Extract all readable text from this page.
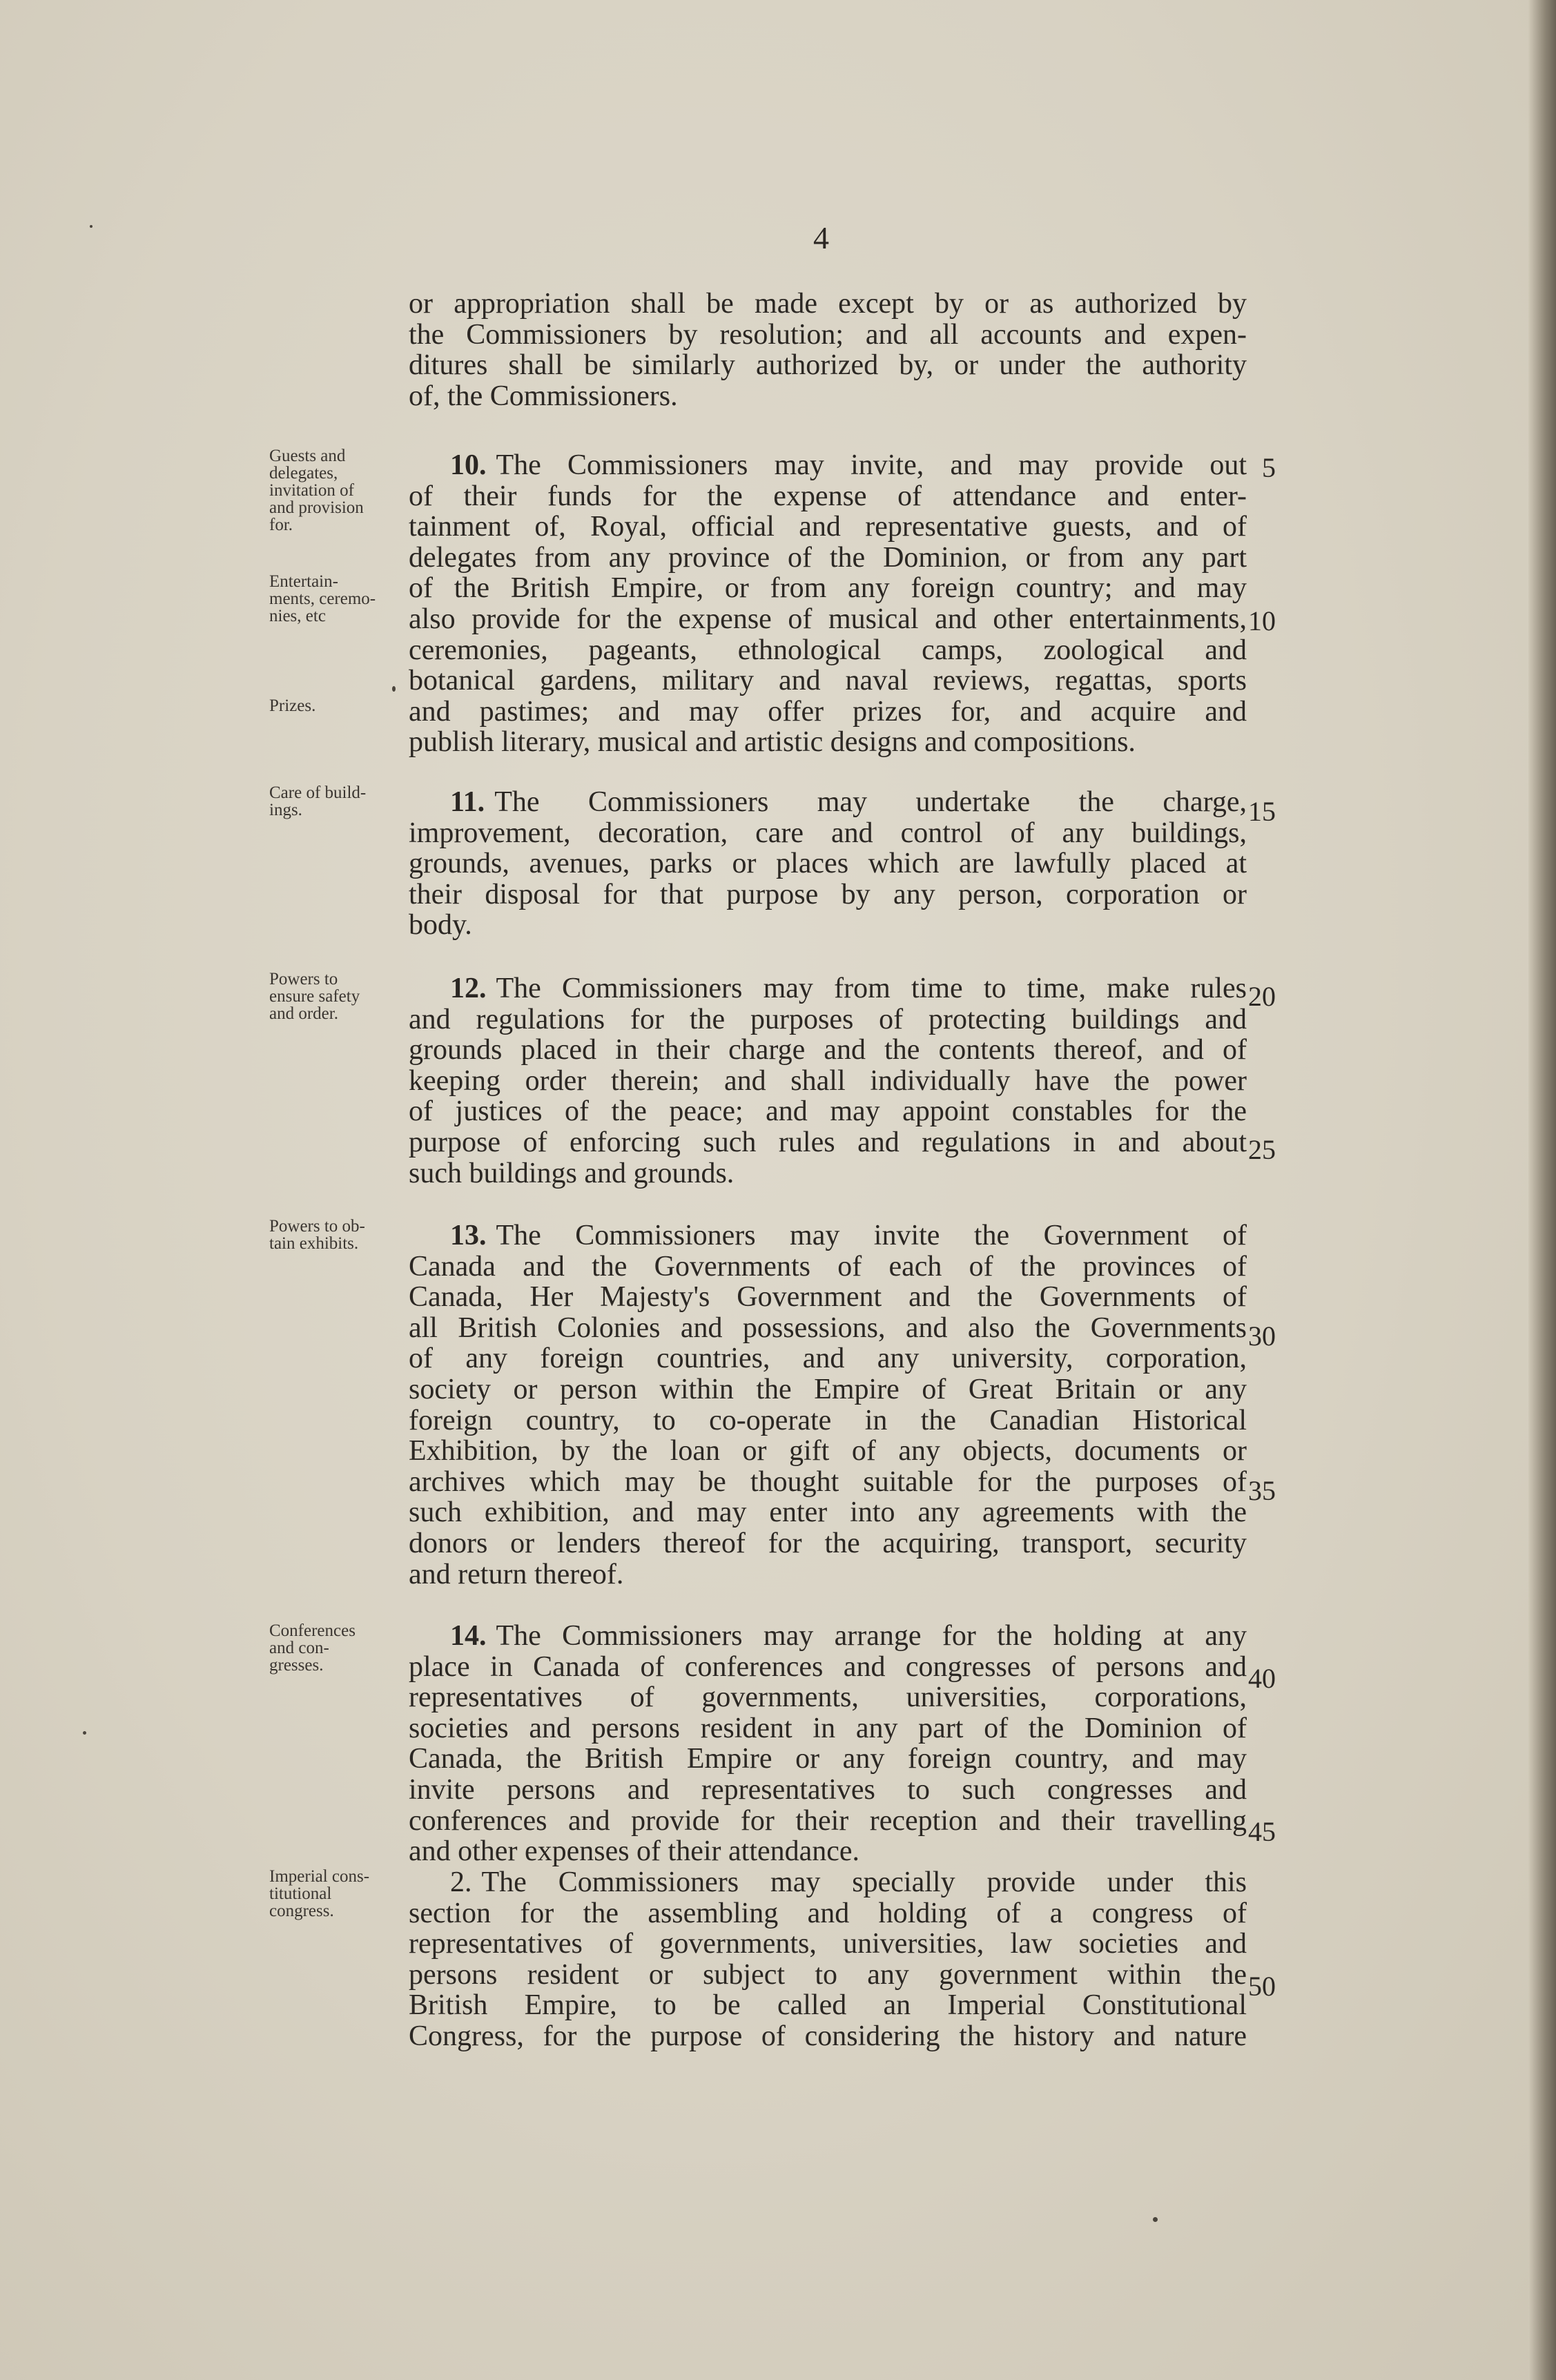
4
or appropriation shall be made except by or as authorized by
the Commissioners by resolution; and all accounts and expen-
ditures shall be similarly authorized by, or under the authority
of, the Commissioners.
10. The Commissioners may invite, and may provide out
of their funds for the expense of attendance and enter-
tainment of, Royal, official and representative guests, and of
delegates from any province of the Dominion, or from any part
of the British Empire, or from any foreign country; and may
also provide for the expense of musical and other entertainments,
ceremonies, pageants, ethnological camps, zoological and
botanical gardens, military and naval reviews, regattas, sports
and pastimes; and may offer prizes for, and acquire and
publish literary, musical and artistic designs and compositions.
11. The Commissioners may undertake the charge,
improvement, decoration, care and control of any buildings,
grounds, avenues, parks or places which are lawfully placed at
their disposal for that purpose by any person, corporation or
body.
12. The Commissioners may from time to time, make rules
and regulations for the purposes of protecting buildings and
grounds placed in their charge and the contents thereof, and of
keeping order therein; and shall individually have the power
of justices of the peace; and may appoint constables for the
purpose of enforcing such rules and regulations in and about
such buildings and grounds.
13. The Commissioners may invite the Government of
Canada and the Governments of each of the provinces of
Canada, Her Majesty's Government and the Governments of
all British Colonies and possessions, and also the Governments
of any foreign countries, and any university, corporation,
society or person within the Empire of Great Britain or any
foreign country, to co-operate in the Canadian Historical
Exhibition, by the loan or gift of any objects, documents or
archives which may be thought suitable for the purposes of
such exhibition, and may enter into any agreements with the
donors or lenders thereof for the acquiring, transport, security
and return thereof.
14. The Commissioners may arrange for the holding at any
place in Canada of conferences and congresses of persons and
representatives of governments, universities, corporations,
societies and persons resident in any part of the Dominion of
Canada, the British Empire or any foreign country, and may
invite persons and representatives to such congresses and
conferences and provide for their reception and their travelling
and other expenses of their attendance.
2. The Commissioners may specially provide under this
section for the assembling and holding of a congress of
representatives of governments, universities, law societies and
persons resident or subject to any government within the
British Empire, to be called an Imperial Constitutional
Congress, for the purpose of considering the history and nature
Guests and
delegates,
invitation of
and provision
for.
Entertain-
ments, ceremo-
nies, etc
Prizes.
Care of build-
ings.
Powers to
ensure safety
and order.
Powers to ob-
tain exhibits.
Conferences
and con-
gresses.
Imperial cons-
titutional
congress.
5
10
15
20
25
30
35
40
45
50
